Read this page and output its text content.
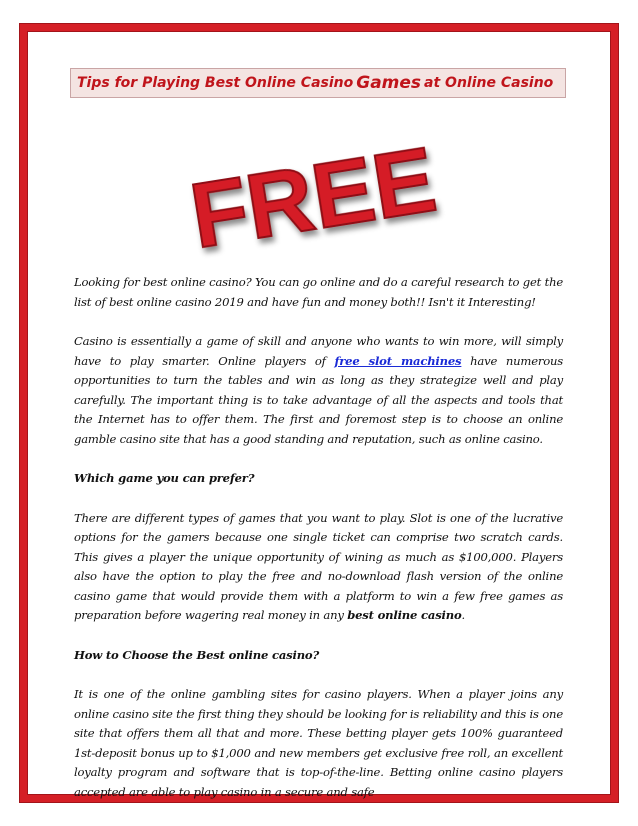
Tips for Playing Best Online Casino Games at Online Casino
FREE

Looking for best online casino? You can go online and do a careful research to get the list of best online casino 2019 and have fun and money both!! Isn't it Interesting!

Casino is essentially a game of skill and anyone who wants to win more, will simply have to play smarter. Online players of free slot machines have numerous opportunities to turn the tables and win as long as they strategize well and play carefully. The important thing is to take advantage of all the aspects and tools that the Internet has to offer them. The first and foremost step is to choose an online gamble casino site that has a good standing and reputation, such as online casino.

Which game you can prefer?

There are different types of games that you want to play. Slot is one of the lucrative options for the gamers because one single ticket can comprise two scratch cards. This gives a player the unique opportunity of wining as much as $100,000. Players also have the option to play the free and no-download flash version of the online casino game that would provide them with a platform to win a few free games as preparation before wagering real money in any best online casino.

How to Choose the Best online casino?

It is one of the online gambling sites for casino players. When a player joins any online casino site the first thing they should be looking for is reliability and this is one site that offers them all that and more. These betting player gets 100% guaranteed 1st-deposit bonus up to $1,000 and new members get exclusive free roll, an excellent loyalty program and software that is top-of-the-line. Betting online casino players accepted are able to play casino in a secure and safe
